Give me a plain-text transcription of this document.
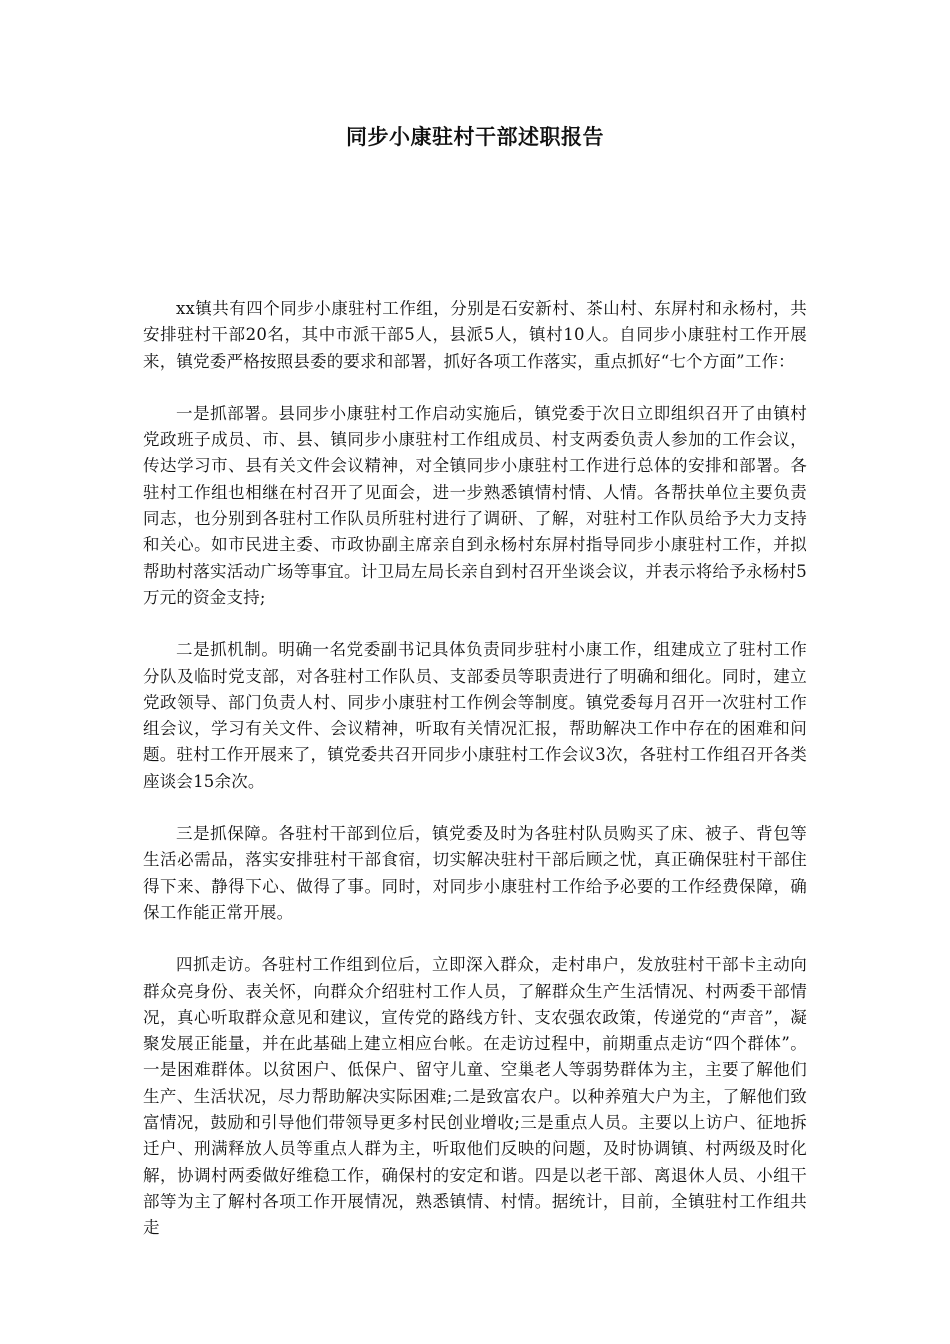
同步小康驻村干部述职报告

xx镇共有四个同步小康驻村工作组，分别是石安新村、茶山村、东屏村和永杨村，共安排驻村干部20名，其中市派干部5人，县派5人，镇村10人。自同步小康驻村工作开展来，镇党委严格按照县委的要求和部署，抓好各项工作落实，重点抓好“七个方面”工作：

一是抓部署。县同步小康驻村工作启动实施后，镇党委于次日立即组织召开了由镇村党政班子成员、市、县、镇同步小康驻村工作组成员、村支两委负责人参加的工作会议，传达学习市、县有关文件会议精神，对全镇同步小康驻村工作进行总体的安排和部署。各驻村工作组也相继在村召开了见面会，进一步熟悉镇情村情、人情。各帮扶单位主要负责同志，也分别到各驻村工作队员所驻村进行了调研、了解，对驻村工作队员给予大力支持和关心。如市民进主委、市政协副主席亲自到永杨村东屏村指导同步小康驻村工作，并拟帮助村落实活动广场等事宜。计卫局左局长亲自到村召开坐谈会议，并表示将给予永杨村5万元的资金支持;

二是抓机制。明确一名党委副书记具体负责同步驻村小康工作，组建成立了驻村工作分队及临时党支部，对各驻村工作队员、支部委员等职责进行了明确和细化。同时，建立党政领导、部门负责人村、同步小康驻村工作例会等制度。镇党委每月召开一次驻村工作组会议，学习有关文件、会议精神，听取有关情况汇报，帮助解决工作中存在的困难和问题。驻村工作开展来了，镇党委共召开同步小康驻村工作会议3次，各驻村工作组召开各类座谈会15余次。

三是抓保障。各驻村干部到位后，镇党委及时为各驻村队员购买了床、被子、背包等生活必需品，落实安排驻村干部食宿，切实解决驻村干部后顾之忧，真正确保驻村干部住得下来、静得下心、做得了事。同时，对同步小康驻村工作给予必要的工作经费保障，确保工作能正常开展。

四抓走访。各驻村工作组到位后，立即深入群众，走村串户，发放驻村干部卡主动向群众亮身份、表关怀，向群众介绍驻村工作人员，了解群众生产生活情况、村两委干部情况，真心听取群众意见和建议，宣传党的路线方针、支农强农政策，传递党的“声音”，凝聚发展正能量，并在此基础上建立相应台帐。在走访过程中，前期重点走访“四个群体”。一是困难群体。以贫困户、低保户、留守儿童、空巢老人等弱势群体为主，主要了解他们生产、生活状况，尽力帮助解决实际困难;二是致富农户。以种养殖大户为主，了解他们致富情况，鼓励和引导他们带领导更多村民创业增收;三是重点人员。主要以上访户、征地拆迁户、刑满释放人员等重点人群为主，听取他们反映的问题，及时协调镇、村两级及时化解，协调村两委做好维稳工作，确保村的安定和谐。四是以老干部、离退休人员、小组干部等为主了解村各项工作开展情况，熟悉镇情、村情。据统计，目前，全镇驻村工作组共走
